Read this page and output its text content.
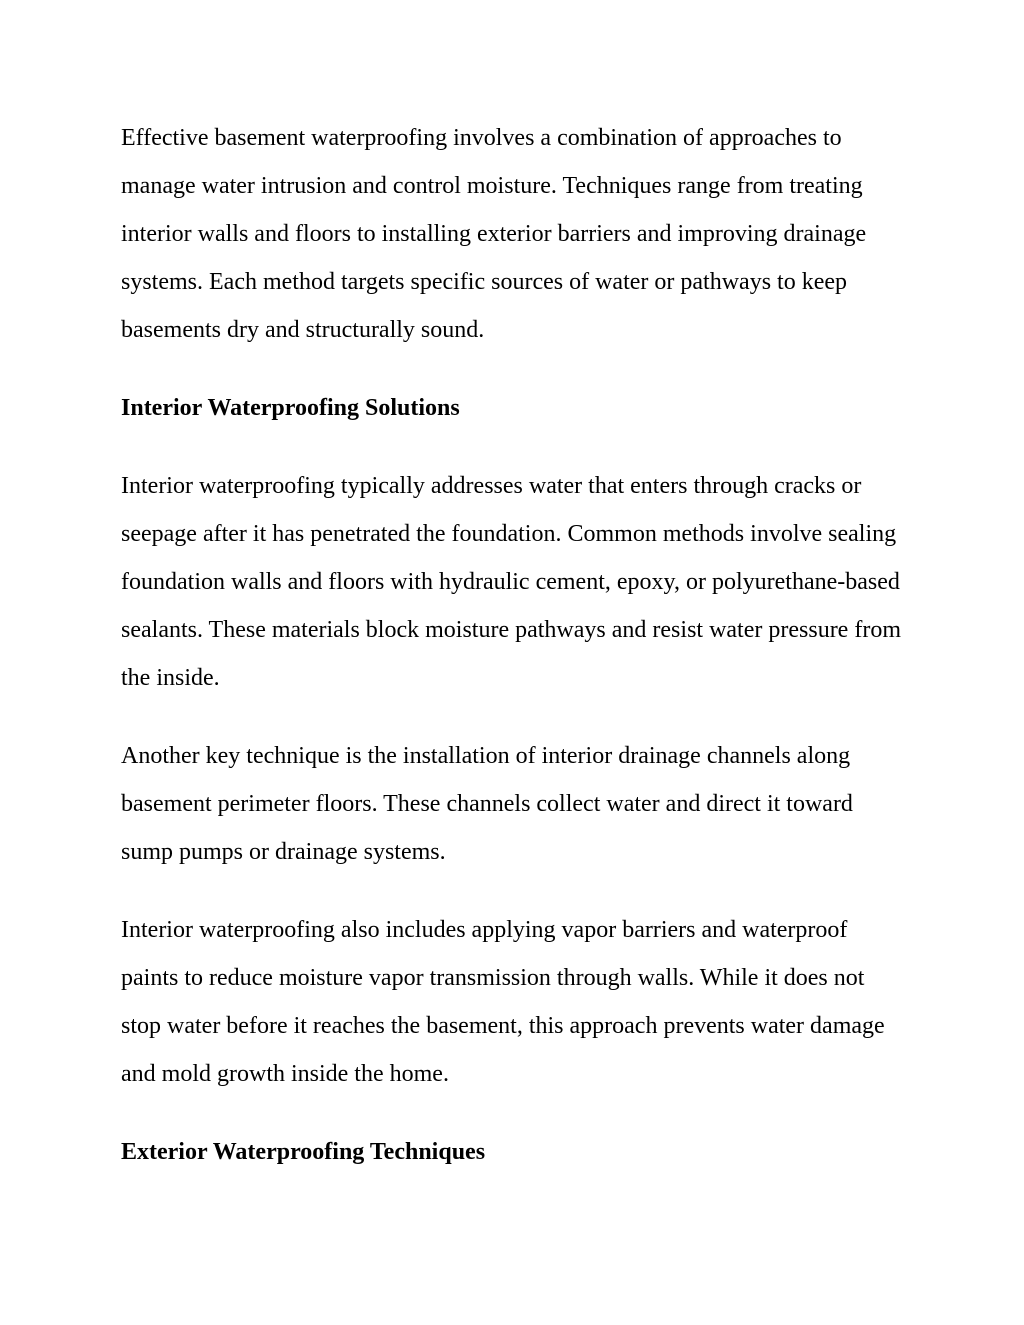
Effective basement waterproofing involves a combination of approaches to manage water intrusion and control moisture. Techniques range from treating interior walls and floors to installing exterior barriers and improving drainage systems. Each method targets specific sources of water or pathways to keep basements dry and structurally sound.

Interior Waterproofing Solutions

Interior waterproofing typically addresses water that enters through cracks or seepage after it has penetrated the foundation. Common methods involve sealing foundation walls and floors with hydraulic cement, epoxy, or polyurethane-based sealants. These materials block moisture pathways and resist water pressure from the inside.

Another key technique is the installation of interior drainage channels along basement perimeter floors. These channels collect water and direct it toward sump pumps or drainage systems.

Interior waterproofing also includes applying vapor barriers and waterproof paints to reduce moisture vapor transmission through walls. While it does not stop water before it reaches the basement, this approach prevents water damage and mold growth inside the home.

Exterior Waterproofing Techniques
